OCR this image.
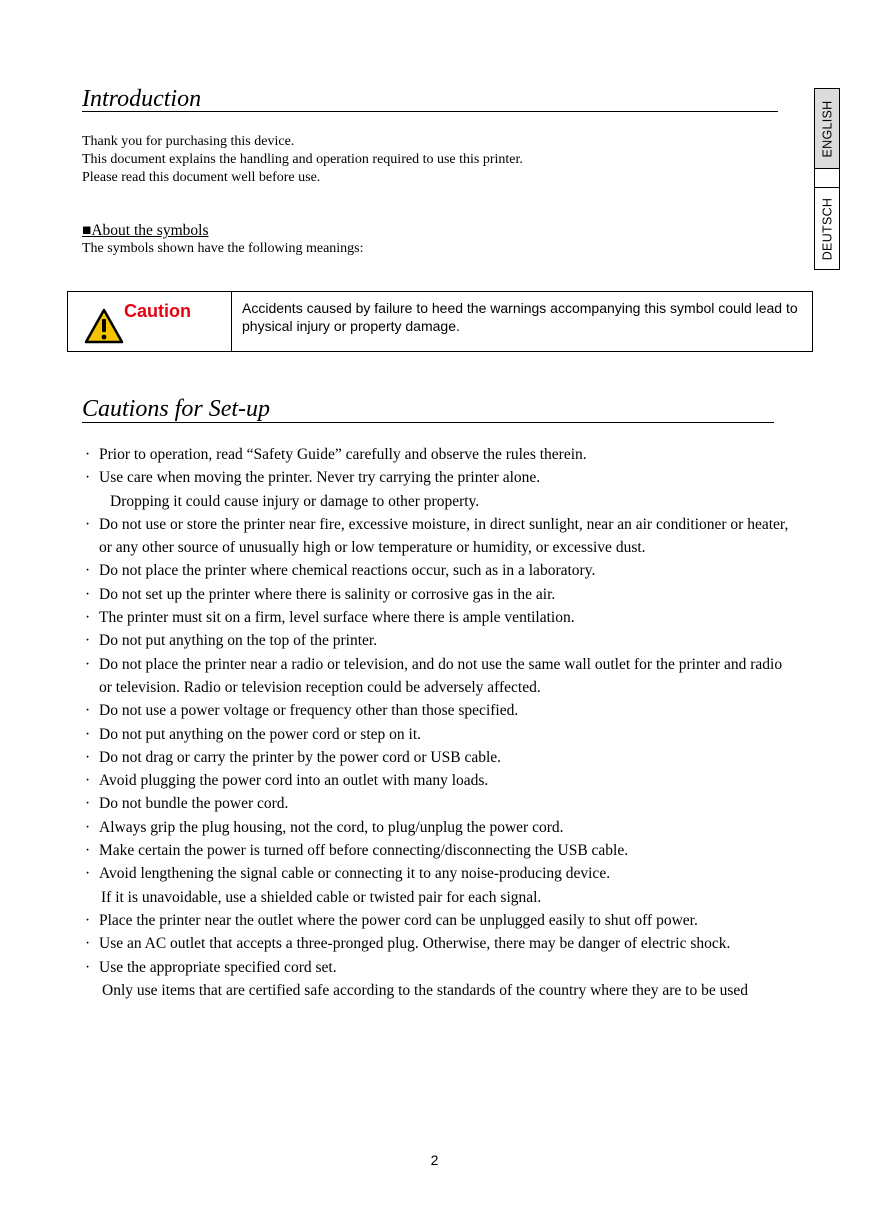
Introduction
Thank you for purchasing this device.
This document explains the handling and operation required to use this printer.
Please read this document well before use.
■About the symbols
The symbols shown have the following meanings:
ENGLISH
DEUTSCH
Caution	Accidents caused by failure to heed the warnings accompanying this symbol could lead to physical injury or property damage.
Cautions for Set-up
· Prior to operation, read “Safety Guide” carefully and observe the rules therein.
· Use care when moving the printer. Never try carrying the printer alone.
Dropping it could cause injury or damage to other property.
· Do not use or store the printer near fire, excessive moisture, in direct sunlight, near an air conditioner or heater, or any other source of unusually high or low temperature or humidity, or excessive dust.
· Do not place the printer where chemical reactions occur, such as in a laboratory.
· Do not set up the printer where there is salinity or corrosive gas in the air.
· The printer must sit on a firm, level surface where there is ample ventilation.
· Do not put anything on the top of the printer.
· Do not place the printer near a radio or television, and do not use the same wall outlet for the printer and radio or television. Radio or television reception could be adversely affected.
· Do not use a power voltage or frequency other than those specified.
· Do not put anything on the power cord or step on it.
· Do not drag or carry the printer by the power cord or USB cable.
· Avoid plugging the power cord into an outlet with many loads.
· Do not bundle the power cord.
· Always grip the plug housing, not the cord, to plug/unplug the power cord.
· Make certain the power is turned off before connecting/disconnecting the USB cable.
· Avoid lengthening the signal cable or connecting it to any noise-producing device.
If it is unavoidable, use a shielded cable or twisted pair for each signal.
· Place the printer near the outlet where the power cord can be unplugged easily to shut off power.
· Use an AC outlet that accepts a three-pronged plug. Otherwise, there may be danger of electric shock.
· Use the appropriate specified cord set.
Only use items that are certified safe according to the standards of the country where they are to be used
2
